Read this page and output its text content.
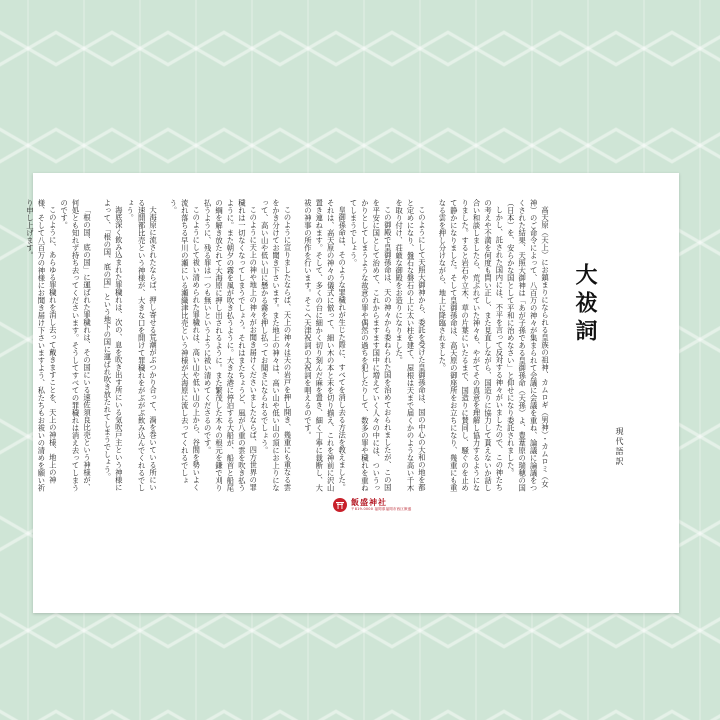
大祓詞
現代語訳

高天原（天上）にお鎮まりになられる皇族の祖神、カムロギ（男神）・カムロミ（女神）のご命令によって、八百万の神々が集まられて会議に会議を重ね、論議に論議をつくされた結果、天照大御神は「あが子孫である皇御孫命（天孫）よ、豊葦原の瑞穂の国（日本）を、安らかな国として平和に治めなさい」と仰せになり委託されました。

しかし、託された国内には、不平を言って反対する神々がいましたので、この神たちの考えや不満を何度も問い正し、また見直しながら、国造りに協力して貰えないか話し合い和談しましたら、荒ぶれていた神々も、やがてその真意を理解し協力するようになりました。すると岩石や立木、草の片葉にいたるまで、国造りに賛同し、騒ぐのを止めて静かになりました。そして皇御孫命は、高天原の御座所をお立ちになり、幾重にも重なる雲を押し分けながら、地上に降臨されました。

このようにして天照大御神から、委託を受けた皇御孫命は、国の中心の大和の地を都と定めになり、盤石な磐石の上に太い柱を建て、屋根は天まで届くかのような高い千木を取り付け、荘厳な御殿をお造りになりました。

この御殿で皇御孫命は、天の神々から委ねられた国を治めておられましたが、この国を平安に国として治めて、これからますます国中に増えていく人々の中には、ついうっかりとしてしまうような故意の罪や偶然の過ちを犯したりして、数多の罪や穢れを重ねてしまうでしょう。

皇御孫命は、そのような罪穢れが生じた際に、すべてを消し去る方法を教えました。それは、高天原の神々の儀式に倣って、細い木の本と末を切り揃え、これを神前に沢山置き連ねます。そして、多くの台に細かく切り刻んだ麻を置き、細く丁寧に裁断し、大祓の神事の所作を行います。そこへ天津祝詞の太祝詞を唱えるのです。

このように宣りましたならば、天上の神々は天の岩戸を押し開き、幾重にも重なる雲をかき分けてお聞き下さいます。また地上の神々は、高い山や低い山の頂にお上りになって、高い山や低い山に懸かる霧を押し払ってお聞きになられるでしょう。

このように天上の神や地上の神々がお聞き届けくださいましたならば、四方世界の罪穢れは一切なくなってしまうでしょう。それはまたちょうど、風が八重の雲を吹き払うように。また朝夕の霧を風が吹き払うように。大きな港に停泊する大船が、船首と船尾の綱を解き放たれて大海原に押し出されるように。また繁茂した木々の根元を鎌で刈り払うように、残る罪は一つも無いというように祓い清めてくださるのです。

このようにして祓い清められた罪穢れは、高い山や低い山の上から、谷間を勢いよく流れ落ちる早川の瀬にいる瀬織津比売という神様が大海原に流し去ってくれるでしょう。

大海原に流されたならば、押し寄せる荒潮がぶつかり合って、渦を巻いている所にいる速開都比売という神様が、大きな口を開けて罪穢れをがぶがぶ飲み込んでくれるでしょう。

海底深く飲み込まれた罪穢れは、次の、息を吹き出す所にいる気吹戸主という神様によって、「根の国、底の国」という地下の国に運ばれ吹き放たれてしまうでしょう。

「根の国、底の国」に運ばれた罪穢れは、その国にいる速佐須良比売という神様が、何処とも知れず持ち去ってくださいます。そうしてすべての罪穢れは消え去ってしまうのです。

このように、あらゆる罪穢れを消し去って戴きますことを、天上の神様、地上の神様、そして八百万の神様にお聞き届け下さいますよう、私たちもお祓いの清めを願い祈り申し上げます。

飯盛神社
〒819-0000 福岡県福岡市西区飯盛
